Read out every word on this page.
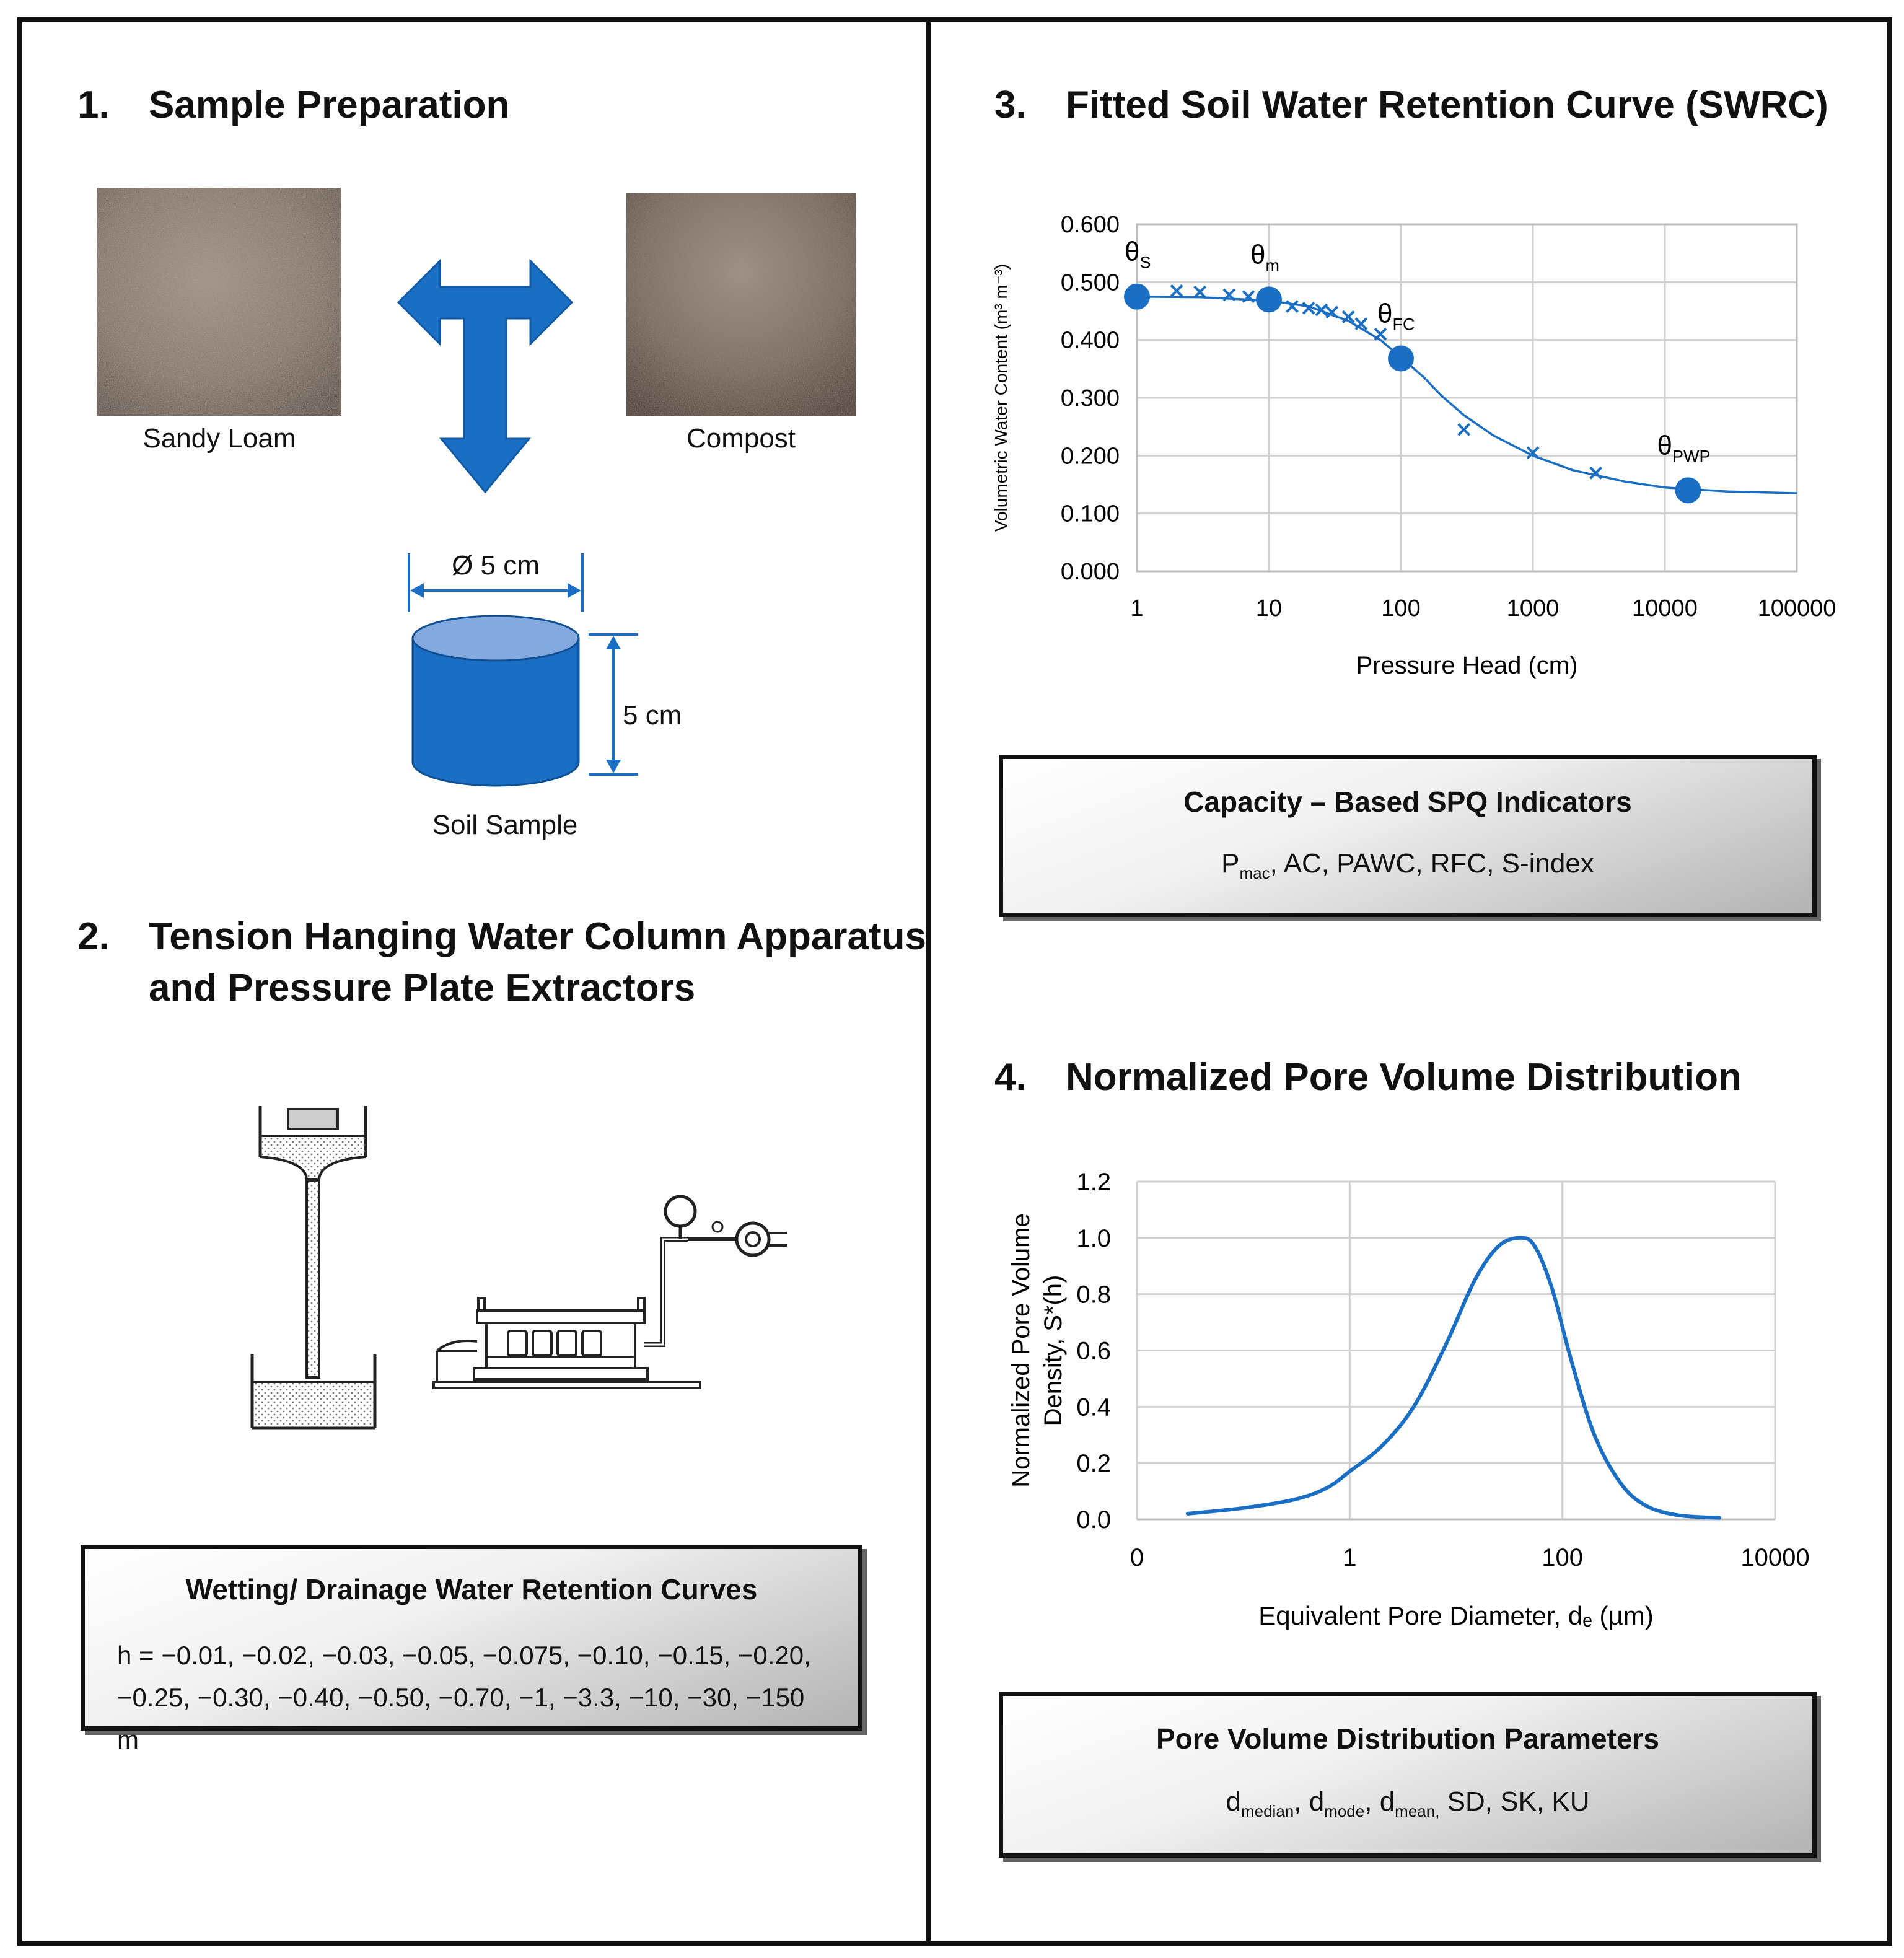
1. Sample Preparation
Sandy Loam	Compost
Ø 5 cm
5 cm
Soil Sample
2. Tension Hanging Water Column Apparatus
and Pressure Plate Extractors
Wetting/ Drainage Water Retention Curves
h = −0.01, −0.02, −0.03, −0.05, −0.075, −0.10, −0.15, −0.20, −0.25, −0.30, −0.40, −0.50, −0.70, −1, −3.3, −10, −30, −150 m
3. Fitted Soil Water Retention Curve (SWRC)
1	10	100	1000	10000	100000
0.000
0.100
0.200
0.300
0.400
0.500
0.600
$\theta_S$	$\theta_m$
$\theta_{FC}$
$\theta_{PWP}$
Pressure Head (cm)
Volumetric Water Content (m³ m⁻³)
Capacity – Based SPQ Indicators
$P_{mac}$, AC, PAWC, RFC, S-index
4. Normalized Pore Volume Distribution
0.0
0.2
0.4
0.6
0.8
1.0
1.2
0	1	100	10000
Equivalent Pore Diameter, dₑ (µm)
Normalized Pore Volume Density, S*(h)
Pore Volume Distribution Parameters
$d_{median}$, $d_{mode}$, $d_{mean,}$ SD, SK, KU
